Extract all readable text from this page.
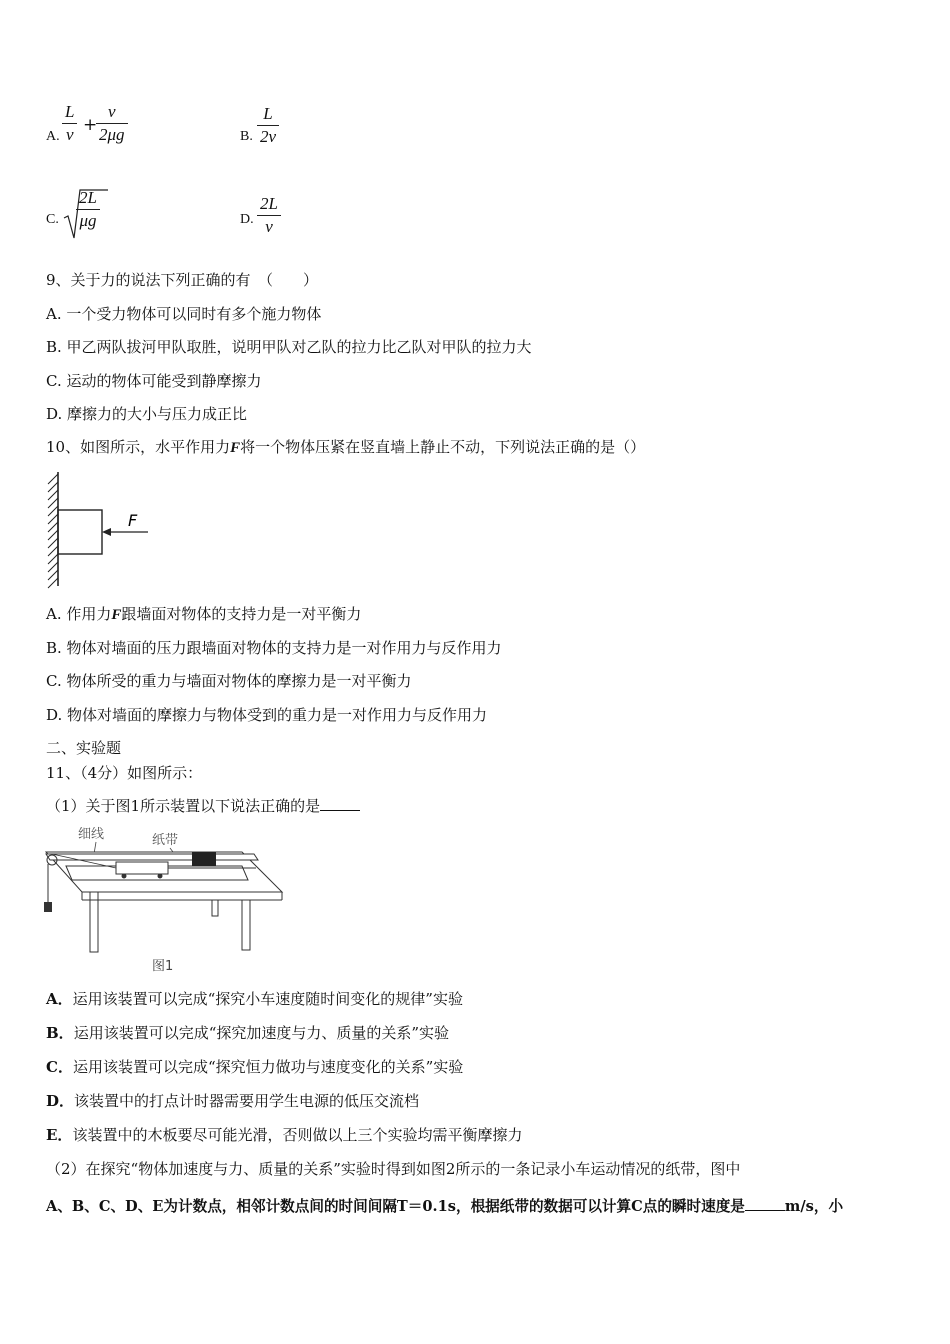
A.
L
v +
v
2μg	B.
L
2v
C.
2L
μg	D.
2L
v
9、关于力的说法下列正确的有　（　　）
A. 一个受力物体可以同时有多个施力物体
B. 甲乙两队拔河甲队取胜，说明甲队对乙队的拉力比乙队对甲队的拉力大
C. 运动的物体可能受到静摩擦力
D. 摩擦力的大小与压力成正比
10、如图所示，水平作用力F将一个物体压紧在竖直墙上静止不动，下列说法正确的是（）
F
A. 作用力F跟墙面对物体的支持力是一对平衡力
B. 物体对墙面的压力跟墙面对物体的支持力是一对作用力与反作用力
C. 物体所受的重力与墙面对物体的摩擦力是一对平衡力
D. 物体对墙面的摩擦力与物体受到的重力是一对作用力与反作用力
二、实验题
11、（4分）如图所示：
（1）关于图1所示装置以下说法正确的是
细线	纸带
图1
A．运用该装置可以完成“探究小车速度随时间变化的规律”实验
B．运用该装置可以完成“探究加速度与力、质量的关系”实验
C．运用该装置可以完成“探究恒力做功与速度变化的关系”实验
D．该装置中的打点计时器需要用学生电源的低压交流档
E．该装置中的木板要尽可能光滑，否则做以上三个实验均需平衡摩擦力
（2）在探究“物体加速度与力、质量的关系”实验时得到如图2所示的一条记录小车运动情况的纸带，图中
A、B、C、D、E为计数点，相邻计数点间的时间间隔T＝0.1s，根据纸带的数据可以计算C点的瞬时速度是	m/s，小
